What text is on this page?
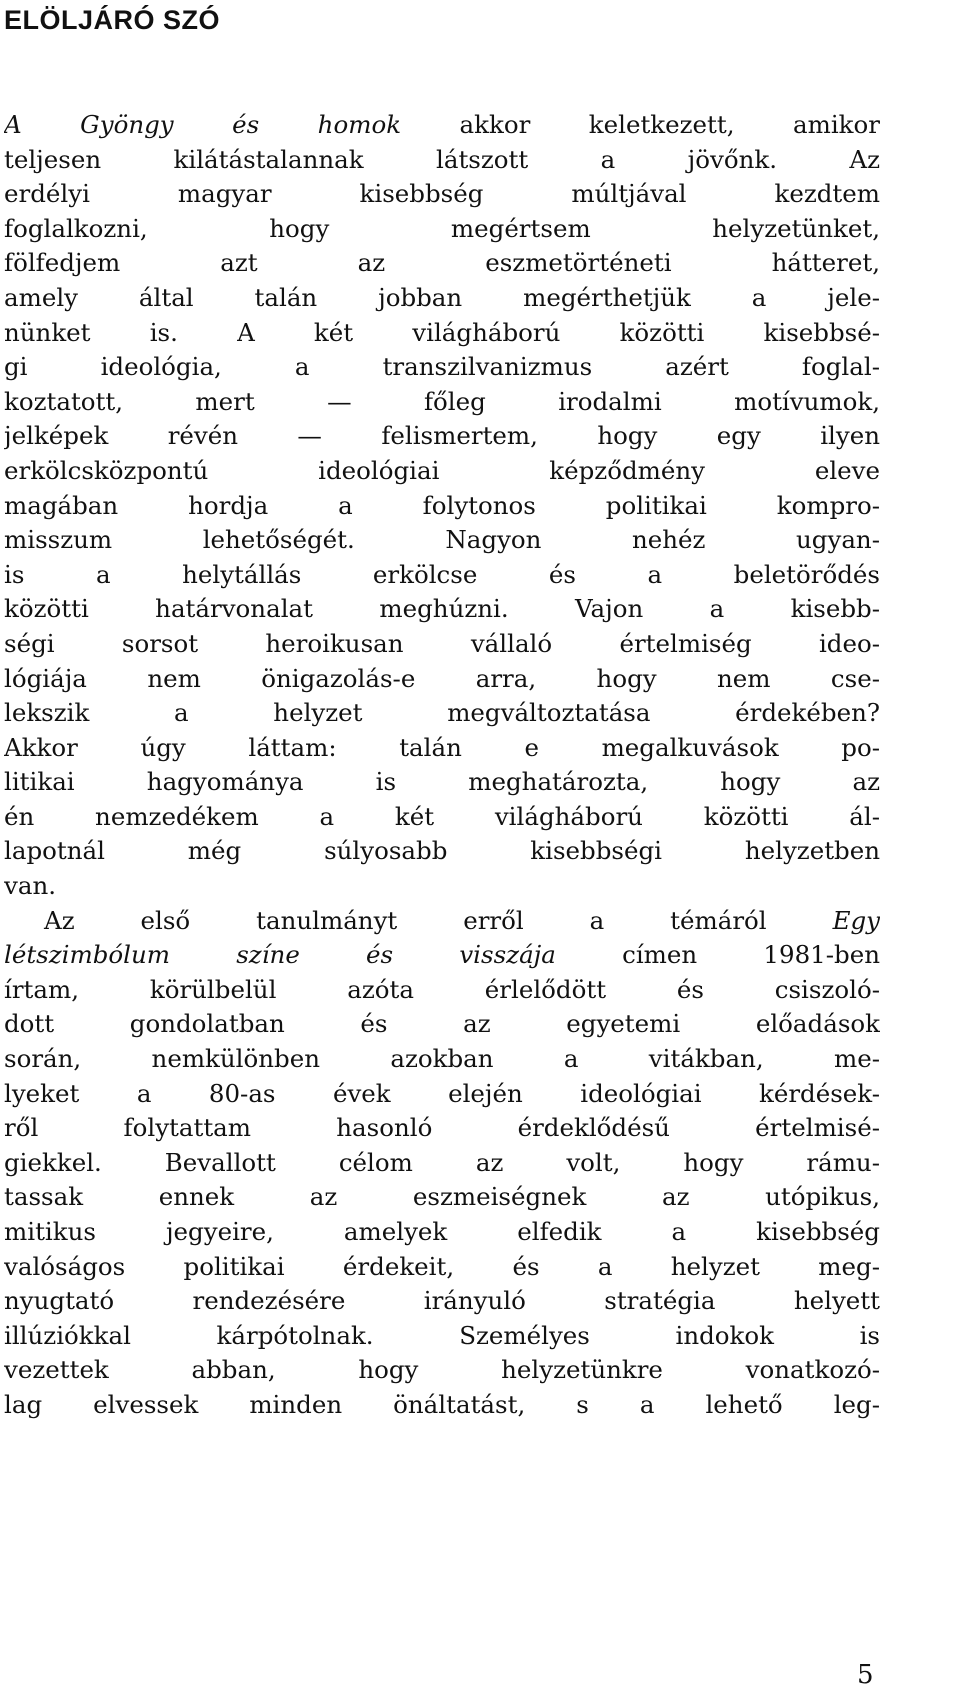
ELÖLJÁRÓ SZÓ
A Gyöngy és homok akkor keletkezett, amikor
teljesen kilátástalannak látszott a jövőnk. Az
erdélyi magyar kisebbség múltjával kezdtem
foglalkozni, hogy megértsem helyzetünket,
fölfedjem azt az eszmetörténeti hátteret,
amely által talán jobban megérthetjük a jele-
nünket is. A két világháború közötti kisebbsé-
gi ideológia, a transzilvanizmus azért foglal-
koztatott, mert — főleg irodalmi motívumok,
jelképek révén — felismertem, hogy egy ilyen
erkölcsközpontú ideológiai képződmény eleve
magában hordja a folytonos politikai kompro-
misszum lehetőségét. Nagyon nehéz ugyan-
is a helytállás erkölcse és a beletörődés
közötti határvonalat meghúzni. Vajon a kisebb-
ségi sorsot heroikusan vállaló értelmiség ideo-
lógiája nem önigazolás-e arra, hogy nem cse-
lekszik a helyzet megváltoztatása érdekében?
Akkor úgy láttam: talán e megalkuvások po-
litikai hagyománya is meghatározta, hogy az
én nemzedékem a két világháború közötti ál-
lapotnál még súlyosabb kisebbségi helyzetben
van.
Az első tanulmányt erről a témáról Egy
létszimbólum színe és visszája címen 1981-ben
írtam, körülbelül azóta érlelődött és csiszoló-
dott gondolatban és az egyetemi előadások
során, nemkülönben azokban a vitákban, me-
lyeket a 80-as évek elején ideológiai kérdések-
ről folytattam hasonló érdeklődésű értelmisé-
giekkel. Bevallott célom az volt, hogy rámu-
tassak ennek az eszmeiségnek az utópikus,
mitikus jegyeire, amelyek elfedik a kisebbség
valóságos politikai érdekeit, és a helyzet meg-
nyugtató rendezésére irányuló stratégia helyett
illúziókkal kárpótolnak. Személyes indokok is
vezettek abban, hogy helyzetünkre vonatkozó-
lag elvessek minden önáltatást, s a lehető leg-
5
